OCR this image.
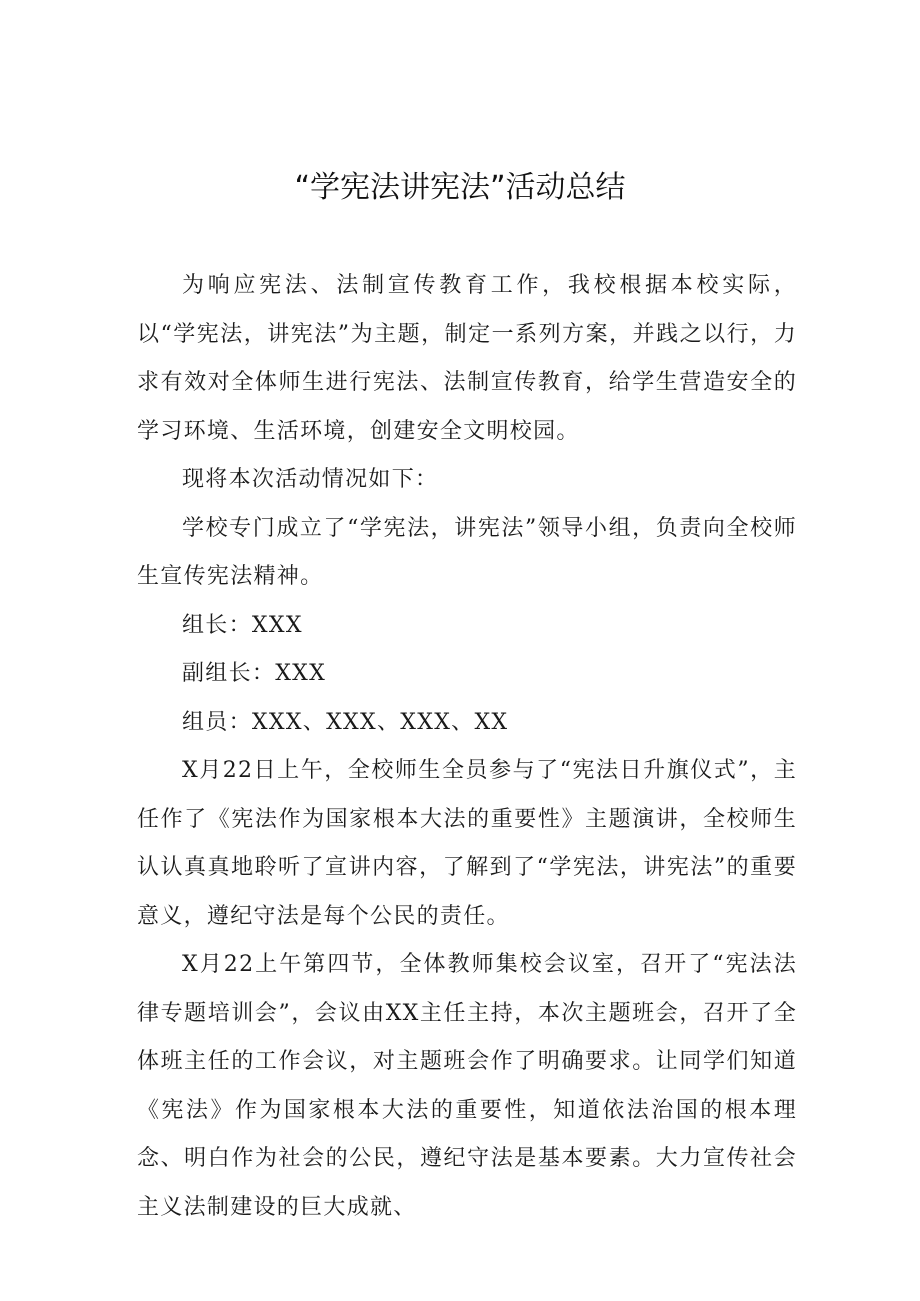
“学宪法讲宪法”活动总结

为响应宪法、法制宣传教育工作，我校根据本校实际，以“学宪法，讲宪法”为主题，制定一系列方案，并践之以行，力求有效对全体师生进行宪法、法制宣传教育，给学生营造安全的学习环境、生活环境，创建安全文明校园。

现将本次活动情况如下：

学校专门成立了“学宪法，讲宪法”领导小组，负责向全校师生宣传宪法精神。

组长：XXX

副组长：XXX

组员：XXX、XXX、XXX、XX

X月22日上午，全校师生全员参与了“宪法日升旗仪式”，主任作了《宪法作为国家根本大法的重要性》主题演讲，全校师生认认真真地聆听了宣讲内容，了解到了“学宪法，讲宪法”的重要意义，遵纪守法是每个公民的责任。

X月22上午第四节，全体教师集校会议室，召开了“宪法法律专题培训会”，会议由XX主任主持，本次主题班会，召开了全体班主任的工作会议，对主题班会作了明确要求。让同学们知道《宪法》作为国家根本大法的重要性，知道依法治国的根本理念、明白作为社会的公民，遵纪守法是基本要素。大力宣传社会主义法制建设的巨大成就、
